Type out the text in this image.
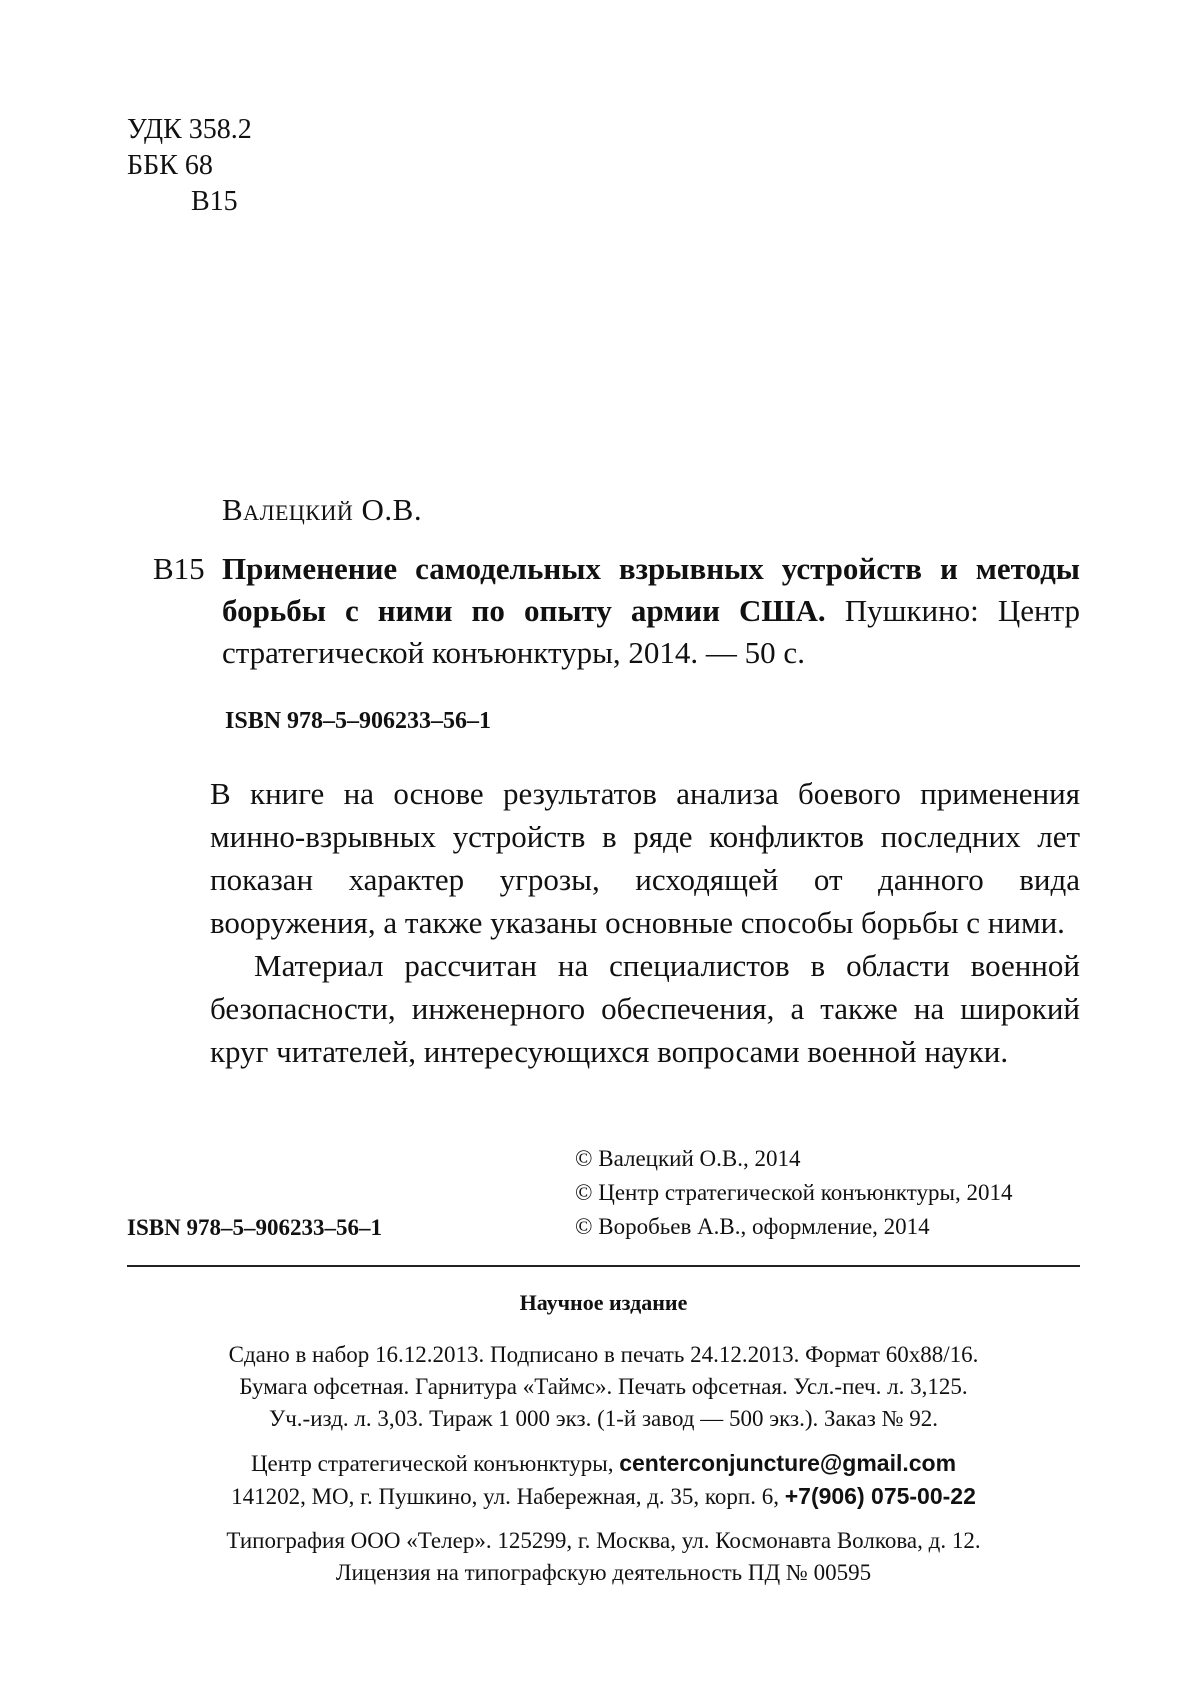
УДК 358.2
ББК 68
В15
Валецкий О.В.
В15 Применение самодельных взрывных устройств и методы борьбы с ними по опыту армии США. Пушкино: Центр стратегической конъюнктуры, 2014. — 50 с.
ISBN 978–5–906233–56–1

В книге на основе результатов анализа боевого применения минно-взрывных устройств в ряде конфликтов последних лет показан характер угрозы, исходящей от данного вида вооружения, а также указаны основные способы борьбы с ними.

Материал рассчитан на специалистов в области военной безопасности, инженерного обеспечения, а также на широкий круг читателей, интересующихся вопросами военной науки.

© Валецкий О.В., 2014
© Центр стратегической конъюнктуры, 2014
© Воробьев А.В., оформление, 2014
ISBN 978–5–906233–56–1
Научное издание
Сдано в набор 16.12.2013. Подписано в печать 24.12.2013. Формат 60х88/16.
Бумага офсетная. Гарнитура «Таймс». Печать офсетная. Усл.-печ. л. 3,125.
Уч.-изд. л. 3,03. Тираж 1 000 экз. (1-й завод — 500 экз.). Заказ № 92.
Центр стратегической конъюнктуры, centerconjuncture@gmail.com
141202, МО, г. Пушкино, ул. Набережная, д. 35, корп. 6, +7(906) 075-00-22
Типография ООО «Телер». 125299, г. Москва, ул. Космонавта Волкова, д. 12.
Лицензия на типографскую деятельность ПД № 00595
